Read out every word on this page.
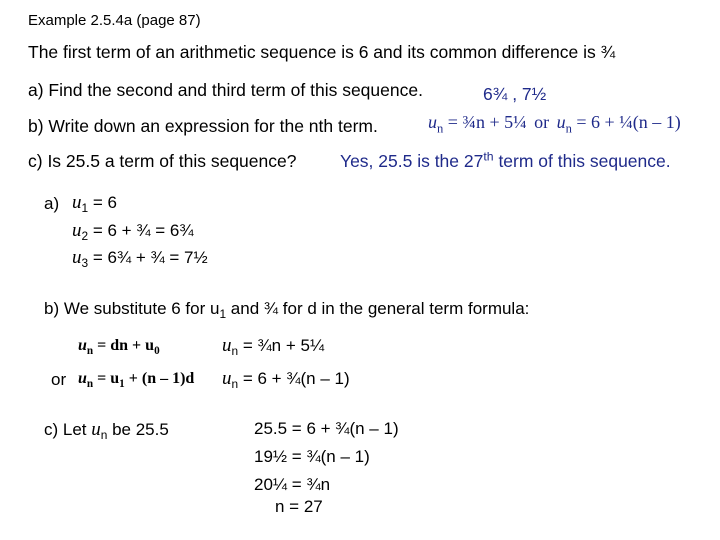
Example 2.5.4a (page 87)
The first term of an arithmetic sequence is 6 and its common difference is ¾
a) Find the second and third term of this sequence.	6¾ , 7½
b) Write down an expression for the nth term.	$u_n$ = ¾n + 5¼ or $u_n = 6$ + ¼(n – 1)
c) Is 25.5 a term of this sequence? Yes, 25.5 is the 27th term of this sequence.
a) $u_1 = 6$
$u_2 = 6$ + ¾ = 6¾
$u_3$ = 6¾ + ¾ = 7½
b) We substitute 6 for $u_1$ and ¾ for d in the general term formula:
$u_n$ = dn + $u_0$	$u_n$ = ¾n + 5¼
or $u_n = u_1 + (n - 1)d$ $u_n = 6$ + ¾(n – 1)
c) Let $u_n$ be 25.5	25.5 = 6 + ¾(n – 1)
19½ = ¾(n – 1)
20¼ = ¾n
n = 27
